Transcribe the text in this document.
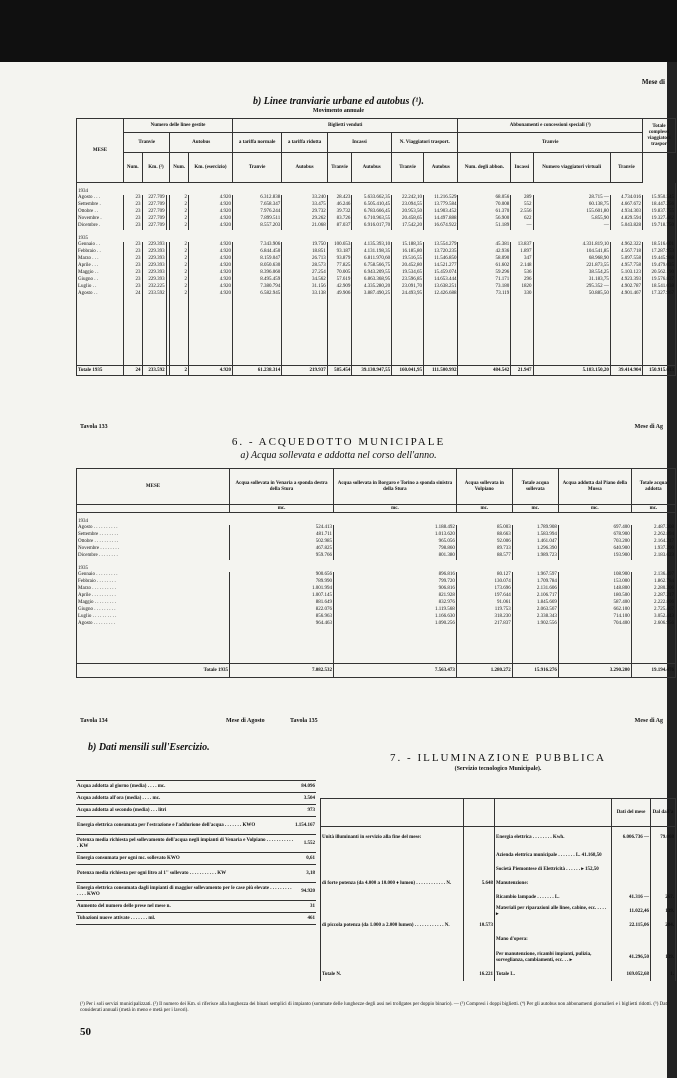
Mese di
b) Linee tranviarie urbane ed autobus (¹).
Movimento annuale
MESE	Numero delle linee gestite					Biglietti venduti						Abbonamenti e concessioni speciali (¹)				Totale complessi viaggiatori traspor
	Tranvie			Autobus		a tariffa normale	a tariffa ridotta	Incassi		N. Viaggiatori trasport.		Tranvie				
	Num.	Km. (²)		Num.	Km. (esercizio)	Tranvie	Autobus	Tranvie	Autobus	Tranvie	Autobus	Num. degli abbon.	Incassi	Numero viaggiatori virtuali	Tranvie	
1934																
Agosto . . .	23	227.709		2	4.920	6.312.838	33.240	28.423	5.633.662,35	22.242,10	11.216.529	68.056	289	28.715 —	4.734.016	15.950.545
Settembre .	23	227.709		2	4.920	7.658.347	33.475	46.246	6.505.410,45	23.094,55	13.779.584	70.008	552	60.138,75	4.667.672	18.447.256
Ottobre . .	23	227.709		2	4.920	7.976.244	29.732	39.732	6.783.666,45	20.953,50	14.903.452	61.370	2.556	155.601,80	4.934.303	19.837.755
Novembre .	23	227.709		2	4.920	7.899.511	29.262	83.726	6.710.963,55	20.458,65	14.497.888	56.900	622	5.855,90	4.829.594	19.327.482
Dicembre .	23	227.709		2	4.920	8.557.203	21.068	87.037	6.916.017,70	17.542,20	16.674.922	51.189	—	—	5.043.828	19.718.750
1935																
Gennaio . .	23	229.393		2	4.920	7.343.906	19.750	100.653	4.135.393,10	15.188,35	13.554.279	45.381	13.837	4.331.819,10	4.962.322	18.516.601
Febbraio . .	23	229.393		2	4.920	6.844.450	18.851	93.187	4.131.198,35	16.185,80	13.720.235	42.936	1.897	104.541,85	4.567.718	17.287.953
Marzo . . .	23	229.393		2	4.920	8.159.047	26.713	93.879	6.811.970,60	19.516,55	11.546.850	58.090	347	68.968,90	5.097.558	19.445.988
Aprile . . .	23	229.393		2	4.920	8.050.630	28.573	77.825	6.758.566,75	20.452,80	14.521.277	61.602	2.148	221.873,55	4.957.758	19.479.035
Maggio . .	23	229.393		2	4.920	8.396.060	27.254	70.005	6.943.209,55	19.534,65	15.459.074	59.296	536	38.554,25	5.103.123	20.562.190
Giugno . .	23	229.393		2	4.920	8.495.459	34.562	57.619	6.863.368,95	23.596,85	14.653.444	71.171	296	31.183,75	4.923.393	19.576.837
Luglio . .	23	232.225		2	4.920	7.380.794	31.156	42.909	4.335.280,20	23.091,70	13.638.251	73.180	1820	295.352 —	4.902.787	18.541.038
Agosto . .	24	233.592		2	4.920	6.582.945	33.138	49.906	3.887.490,25	24.493,95	12.426.688	73.119	330	50.885,50	4.901.467	17.327.967

Totale 1935	24	233.592		2	4.920	61.238.314	219.937	585.454	39.130.947,55	160.041,95	111.500.992	484.542	21.947	5.183.150,20	39.414.904	150.915.613
Tavola 133	Mese di Ag
6. - ACQUEDOTTO MUNICIPALE
a) Acqua sollevata e addotta nel corso dell'anno.
MESE	Acqua sollevata in Venaria a sponda destra della Stura	Acqua sollevata in Borgaro e Torino a sponda sinistra della Stura	Acqua sollevata in Volpiano	Totale acqua sollevata	Acqua addotta dal Piano della Mussa	Totale acqua addotta
	mc.	mc.	mc.	mc.	mc.	mc.
1934						
Agosto . . . . . . . . . .	524.413	1.188.492	85.003	1.789.908	697.400	2.487.308
Settembre . . . . . . . .	481.711	1.013.620	88.663	1.583.994	678.900	2.262.894
Ottobre . . . . . . . . . .	502.985	965.056	92.006	1.461.047	703.200	2.164.247
Novembre . . . . . . . .	467.825	798.860	89.733	1.296.390	640.900	1.937.290
Dicembre . . . . . . . .	959.766	801.380	88.577	1.989.723	193.900	2.183.623
1935						
Gennaio . . . . . . . . .	900.656	896.816	80.127	1.967.597	108.900	2.136.497
Febbraio . . . . . . . .	789.990	799.720	130.074	1.709.784	153.000	1.862.784
Marzo . . . . . . . . . .	1.001.994	906.816	173.696	2.131.606	148.800	2.280.206
Aprile . . . . . . . . . .	1.007.145	821.928	197.644	2.106.717	180.500	2.287.217
Maggio . . . . . . . . .	881.649	832.976	91.061	1.845.669	587.400	2.222.806
Giugno . . . . . . . . .	822.076	1.119.568	119.753	2.063.567	662.100	2.725.467
Luglio . . . . . . . . . .	856.963	1.166.630	318.230	2.338.343	714.100	3.052.443
Agosto . . . . . . . . .	964.463	1.090.256	217.837	1.902.556	704.400	2.606.956

Totale 1935	7.082.532	7.563.473	1.280.272	15.916.276	3.290.200	19.194.476
Tavola 134	Mese di Agosto	Tavola 135	Mese di Ag
b) Dati mensili sull'Esercizio.
Acqua addotta al giorno (media) . . . . mc.	84.096
Acqua addotta all'ora (media) . . . . mc.	3.504
Acqua addotta al secondo (media) . . . litri	973
Energia elettrica consumata per l'estrazione e l'addurione dell'acqua . . . . . . . KWO	1.154.167
Potenza media richiesta pel sollevamento dell'acqua negli impianti di Venaria e Volpiano . . . . . . . . . . . . KW	1.552
Energia consumata per ogni mc. sollevato KWO	0,61
Potenza media richiesta per ogni litro al 1'' sollevato . . . . . . . . . . . KW	3,18
Energia elettrica consumata dagli impianti di maggior sollevamento per le case più elevate . . . . . . . . . . . . . KWO	94.920
Aumento del numero delle prese nel mese n.	31
Tubazioni nuove attivate . . . . . . . ml.	461
7. - ILLUMINAZIONE PUBBLICA
(Servizio tecnologico Municipale).
			Dati del mese	Dal dall'a
Unità illuminanti in servizio alla fine del mese:		Energia elettrica . . . . . . . . Kwh.	6.006.736 —	79.068
		Azienda elettrica municipale . . . . . . . L. 41.168,50		
		Società Piemontese di Elettricità . . . . . . ▸ 152,50		
di forte potenza (da 4.000 a 10.000 ♦ lumen) . . . . . . . . . . . . N.	5.648	Manutenzione:		
		Ricambio lampade . . . . . . . L.	41.316 —	267.
		Materiali per riparazioni alle linee, cabine, ecc. . . . . ▸	11.022,46	139.
di piccola potenza (da 1.000 a 2.000 lumen) . . . . . . . . . . . . N.	10.573		22.115,06	204.
		Mano d'opera:		
		Per manutenzione, ricambi impianti, pulizia, sorveglianza, cambiamenti, ecc. . . ▸	41.296,50	139.
Totale N.	16.221	Totale L.	169.052,68	1.
(¹) Per i soli servizi municipalizzati. (²) Il numero dei Km. si riferisce alla lunghezza dei binari semplici di impianto (sommate delle lunghezze degli assi nei trollgates per doppio binario). — (³) Compresi i doppi biglietti. (⁴) Per gli autobus non abbonamenti giornalieri e i biglietti ridotti. (⁵) Dati considerati annuali (metà in meno e metà per i lavori).
50
